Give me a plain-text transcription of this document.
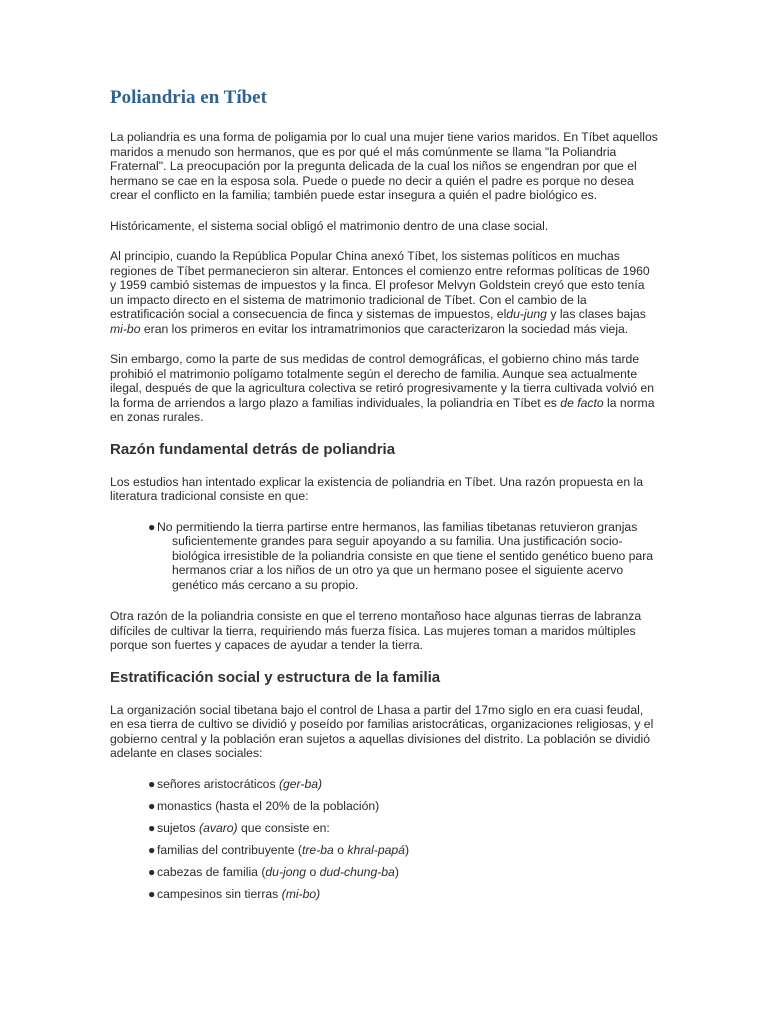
Poliandria en Tíbet

La poliandria es una forma de poligamia por lo cual una mujer tiene varios maridos. En Tíbet aquellos maridos a menudo son hermanos, que es por qué el más comúnmente se llama "la Poliandria Fraternal". La preocupación por la pregunta delicada de la cual los niños se engendran por que el hermano se cae en la esposa sola. Puede o puede no decir a quién el padre es porque no desea crear el conflicto en la familia; también puede estar insegura a quién el padre biológico es.

Históricamente, el sistema social obligó el matrimonio dentro de una clase social.

Al principio, cuando la República Popular China anexó Tíbet, los sistemas políticos en muchas regiones de Tíbet permanecieron sin alterar. Entonces el comienzo entre reformas políticas de 1960 y 1959 cambió sistemas de impuestos y la finca. El profesor Melvyn Goldstein creyó que esto tenía un impacto directo en el sistema de matrimonio tradicional de Tíbet. Con el cambio de la estratificación social a consecuencia de finca y sistemas de impuestos, eldu-jung y las clases bajas mi-bo eran los primeros en evitar los intramatrimonios que caracterizaron la sociedad más vieja.

Sin embargo, como la parte de sus medidas de control demográficas, el gobierno chino más tarde prohibió el matrimonio polígamo totalmente según el derecho de familia. Aunque sea actualmente ilegal, después de que la agricultura colectiva se retiró progresivamente y la tierra cultivada volvió en la forma de arriendos a largo plazo a familias individuales, la poliandria en Tíbet es de facto la norma en zonas rurales.

Razón fundamental detrás de poliandria

Los estudios han intentado explicar la existencia de poliandria en Tíbet. Una razón propuesta en la literatura tradicional consiste en que:

● No permitiendo la tierra partirse entre hermanos, las familias tibetanas retuvieron granjas suficientemente grandes para seguir apoyando a su familia. Una justificación socio-biológica irresistible de la poliandria consiste en que tiene el sentido genético bueno para hermanos criar a los niños de un otro ya que un hermano posee el siguiente acervo genético más cercano a su propio.

Otra razón de la poliandria consiste en que el terreno montañoso hace algunas tierras de labranza difíciles de cultivar la tierra, requiriendo más fuerza física. Las mujeres toman a maridos múltiples porque son fuertes y capaces de ayudar a tender la tierra.

Estratificación social y estructura de la familia

La organización social tibetana bajo el control de Lhasa a partir del 17mo siglo en era cuasi feudal, en esa tierra de cultivo se dividió y poseído por familias aristocráticas, organizaciones religiosas, y el gobierno central y la población eran sujetos a aquellas divisiones del distrito. La población se dividió adelante en clases sociales:

● señores aristocráticos (ger-ba)
● monastics (hasta el 20% de la población)
● sujetos (avaro) que consiste en:
● familias del contribuyente (tre-ba o khral-papá)
● cabezas de familia (du-jong o dud-chung-ba)
● campesinos sin tierras (mi-bo)
